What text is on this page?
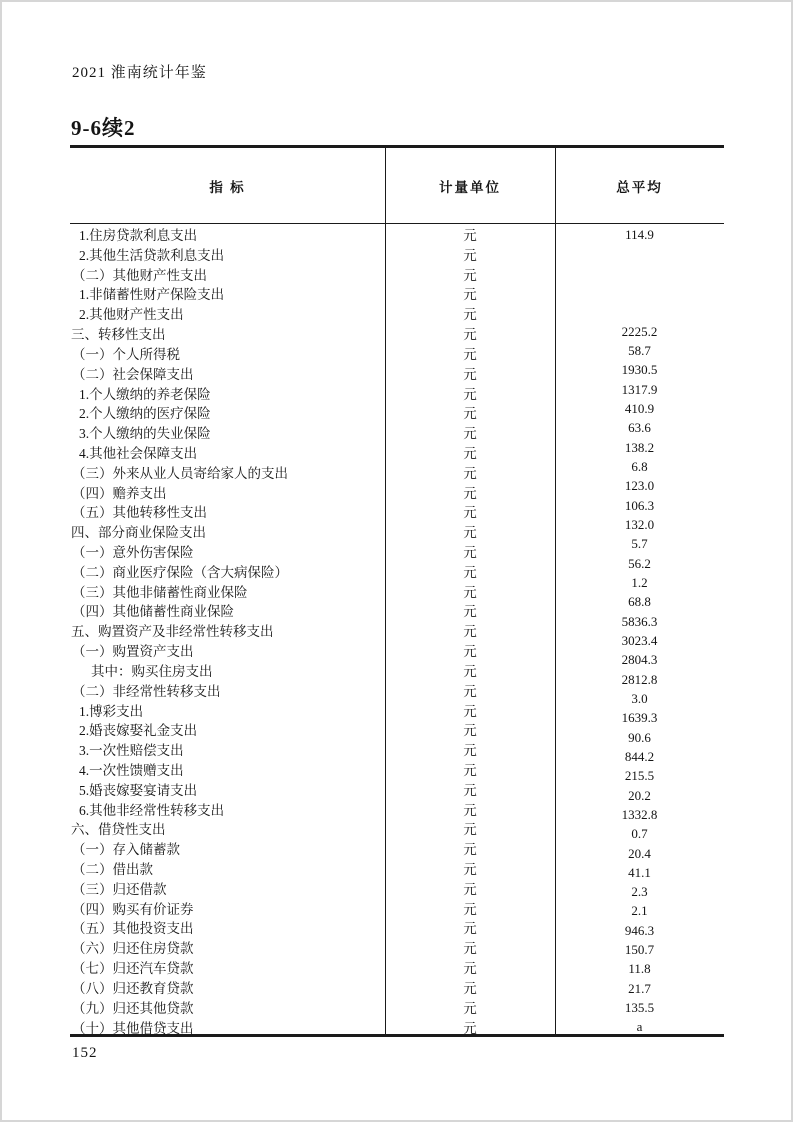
2021 淮南统计年鉴
9-6续2
指 标	计量单位	总平均
1.住房贷款利息支出
2.其他生活贷款利息支出
（二）其他财产性支出
1.非储蓄性财产保险支出
2.其他财产性支出
三、转移性支出
（一）个人所得税
（二）社会保障支出
1.个人缴纳的养老保险
2.个人缴纳的医疗保险
3.个人缴纳的失业保险
4.其他社会保障支出
（三）外来从业人员寄给家人的支出
（四）赡养支出
（五）其他转移性支出
四、部分商业保险支出
（一）意外伤害保险
（二）商业医疗保险（含大病保险）
（三）其他非储蓄性商业保险
（四）其他储蓄性商业保险
五、购置资产及非经常性转移支出
（一）购置资产支出
其中：购买住房支出
（二）非经常性转移支出
1.博彩支出
2.婚丧嫁娶礼金支出
3.一次性赔偿支出
4.一次性馈赠支出
5.婚丧嫁娶宴请支出
6.其他非经常性转移支出
六、借贷性支出
（一）存入储蓄款
（二）借出款
（三）归还借款
（四）购买有价证券
（五）其他投资支出
（六）归还住房贷款
（七）归还汽车贷款
（八）归还教育贷款
（九）归还其他贷款
（十）其他借贷支出
元
元
元
元
元
元
元
元
元
元
元
元
元
元
元
元
元
元
元
元
元
元
元
元
元
元
元
元
元
元
元
元
元
元
元
元
元
元
元
元
元
114.9
2225.2
58.7
1930.5
1317.9
410.9
63.6
138.2
6.8
123.0
106.3
132.0
5.7
56.2
1.2
68.8
5836.3
3023.4
2804.3
2812.8
3.0
1639.3
90.6
844.2
215.5
20.2
1332.8
0.7
20.4
41.1
2.3
2.1
946.3
150.7
11.8
21.7
135.5
a
152
